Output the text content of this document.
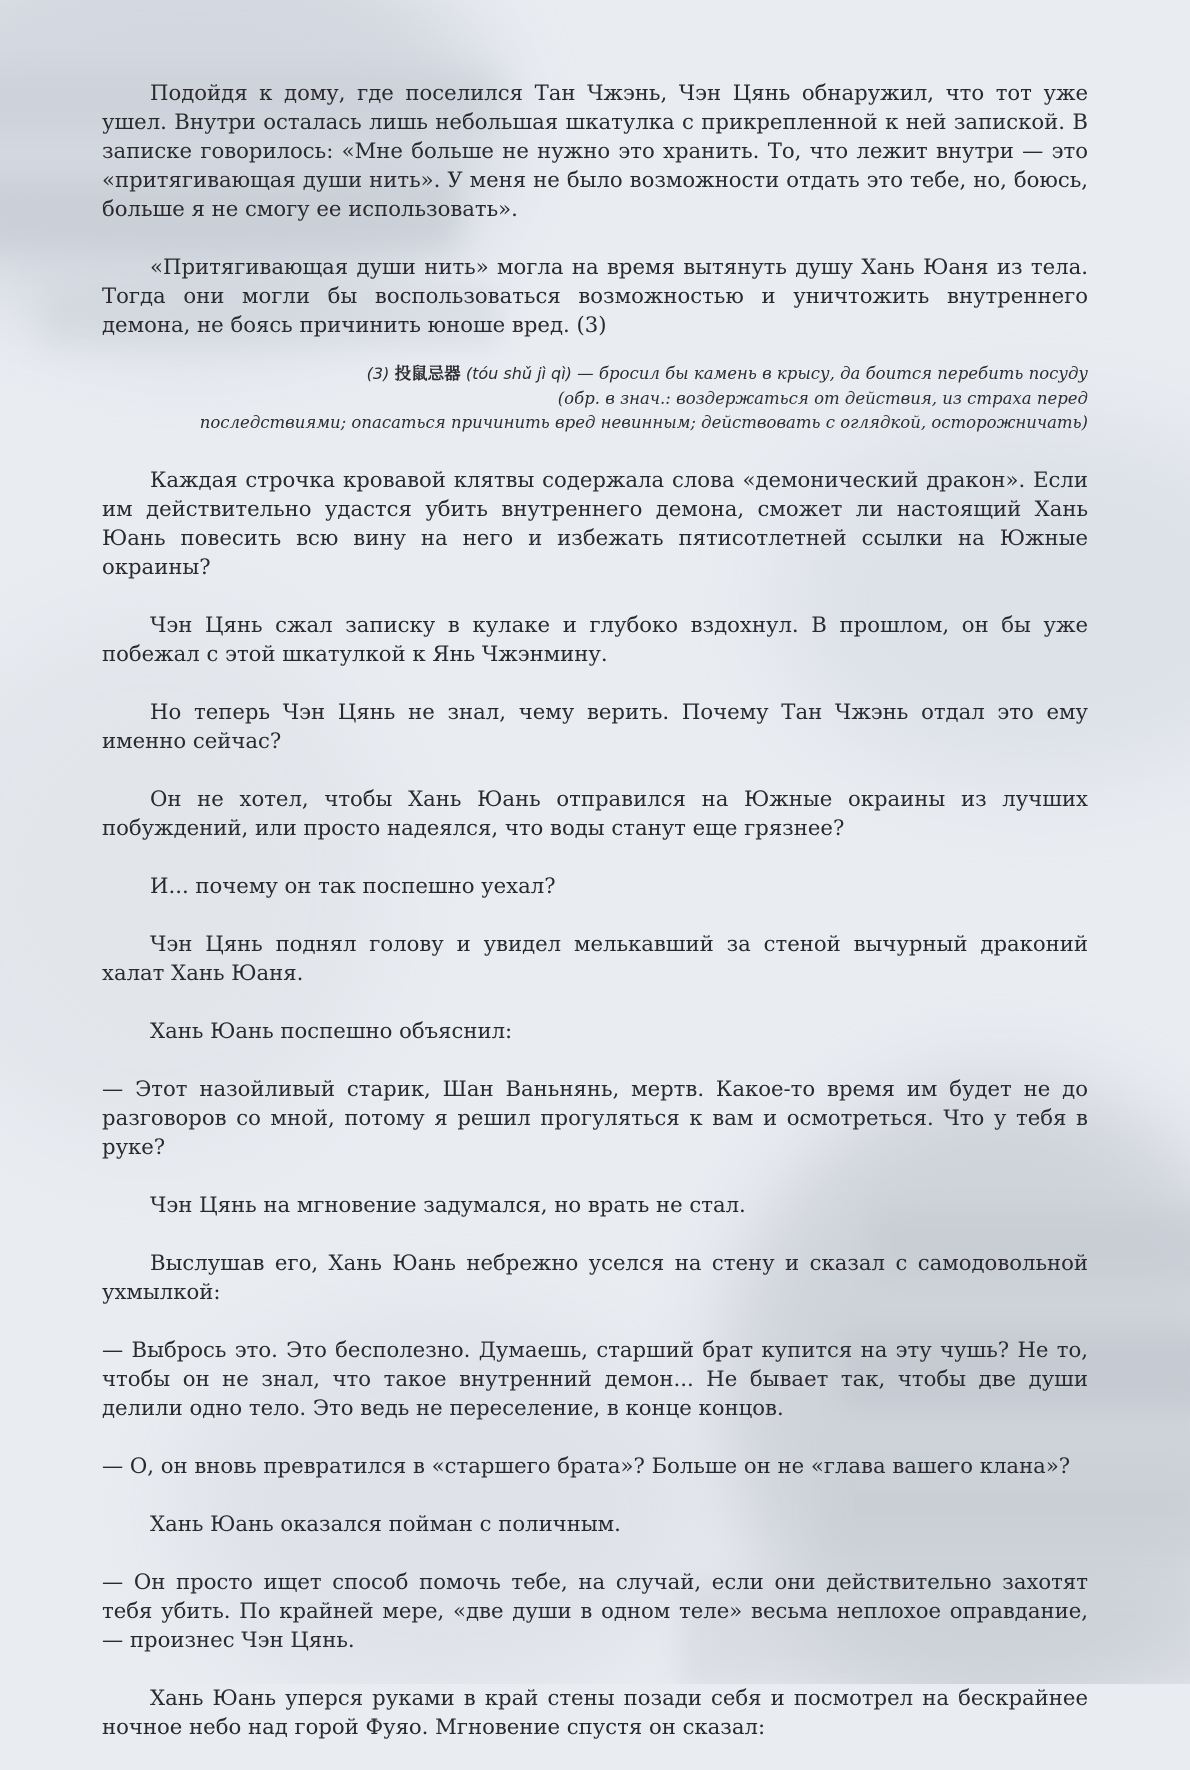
Подойдя к дому, где поселился Тан Чжэнь, Чэн Цянь обнаружил, что тот уже ушел. Внутри осталась лишь небольшая шкатулка с прикрепленной к ней запиской. В записке говорилось: «Мне больше не нужно это хранить. То, что лежит внутри — это «притягивающая души нить». У меня не было возможности отдать это тебе, но, боюсь, больше я не смогу ее использовать».

«Притягивающая души нить» могла на время вытянуть душу Хань Юаня из тела. Тогда они могли бы воспользоваться возможностью и уничтожить внутреннего демона, не боясь причинить юноше вред. (3)

(3) 投鼠忌器 (tóu shǔ jì qì) — бросил бы камень в крысу, да боится перебить посуду
(обр. в знач.: воздержаться от действия, из страха перед
последствиями; опасаться причинить вред невинным; действовать с оглядкой, осторожничать)

Каждая строчка кровавой клятвы содержала слова «демонический дракон». Если им действительно удастся убить внутреннего демона, сможет ли настоящий Хань Юань повесить всю вину на него и избежать пятисотлетней ссылки на Южные окраины?

Чэн Цянь сжал записку в кулаке и глубоко вздохнул. В прошлом, он бы уже побежал с этой шкатулкой к Янь Чжэнмину.

Но теперь Чэн Цянь не знал, чему верить. Почему Тан Чжэнь отдал это ему именно сейчас?

Он не хотел, чтобы Хань Юань отправился на Южные окраины из лучших побуждений, или просто надеялся, что воды станут еще грязнее?

И... почему он так поспешно уехал?

Чэн Цянь поднял голову и увидел мелькавший за стеной вычурный драконий халат Хань Юаня.

Хань Юань поспешно объяснил:

— Этот назойливый старик, Шан Ваньнянь, мертв. Какое-то время им будет не до разговоров со мной, потому я решил прогуляться к вам и осмотреться. Что у тебя в руке?

Чэн Цянь на мгновение задумался, но врать не стал.

Выслушав его, Хань Юань небрежно уселся на стену и сказал с самодовольной ухмылкой:

— Выбрось это. Это бесполезно. Думаешь, старший брат купится на эту чушь? Не то, чтобы он не знал, что такое внутренний демон... Не бывает так, чтобы две души делили одно тело. Это ведь не переселение, в конце концов.

— О, он вновь превратился в «старшего брата»? Больше он не «глава вашего клана»?

Хань Юань оказался пойман с поличным.

— Он просто ищет способ помочь тебе, на случай, если они действительно захотят тебя убить. По крайней мере, «две души в одном теле» весьма неплохое оправдание, — произнес Чэн Цянь.

Хань Юань уперся руками в край стены позади себя и посмотрел на бескрайнее ночное небо над горой Фуяо. Мгновение спустя он сказал:
